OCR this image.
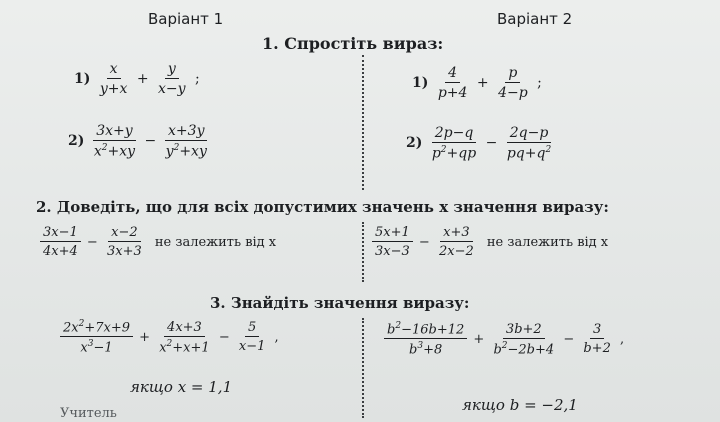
Варіант 1	Варіант 2
1. Спростіть вираз:
$1) \frac{x}{y+x} + \frac{y}{x-y}$ ;
$2) \frac{3x+y}{x^2+xy} - \frac{x+3y}{y^2+xy}$
$1) \frac{4}{p+4} + \frac{p}{4-p}$ ;
$2) \frac{2p-q}{p^2+qp} - \frac{2q-p}{pq+q^2}$
2. Доведіть, що для всіх допустимих значень x значення виразу:
$\frac{3x-1}{4x+4} - \frac{x-2}{3x+3}$ не залежить від x	$\frac{5x+1}{3x-3} - \frac{x+3}{2x-2}$ не залежить від x
3. Знайдіть значення виразу:
$\frac{2x^2+7x+9}{x^3-1} + \frac{4x+3}{x^2+x+1} - \frac{5}{x-1}$ ,
якщо x = 1,1
$\frac{b^2-16b+12}{b^3+8} + \frac{3b+2}{b^2-2b+4} - \frac{3}{b+2}$ ,
якщо b = −2,1
Учитель
